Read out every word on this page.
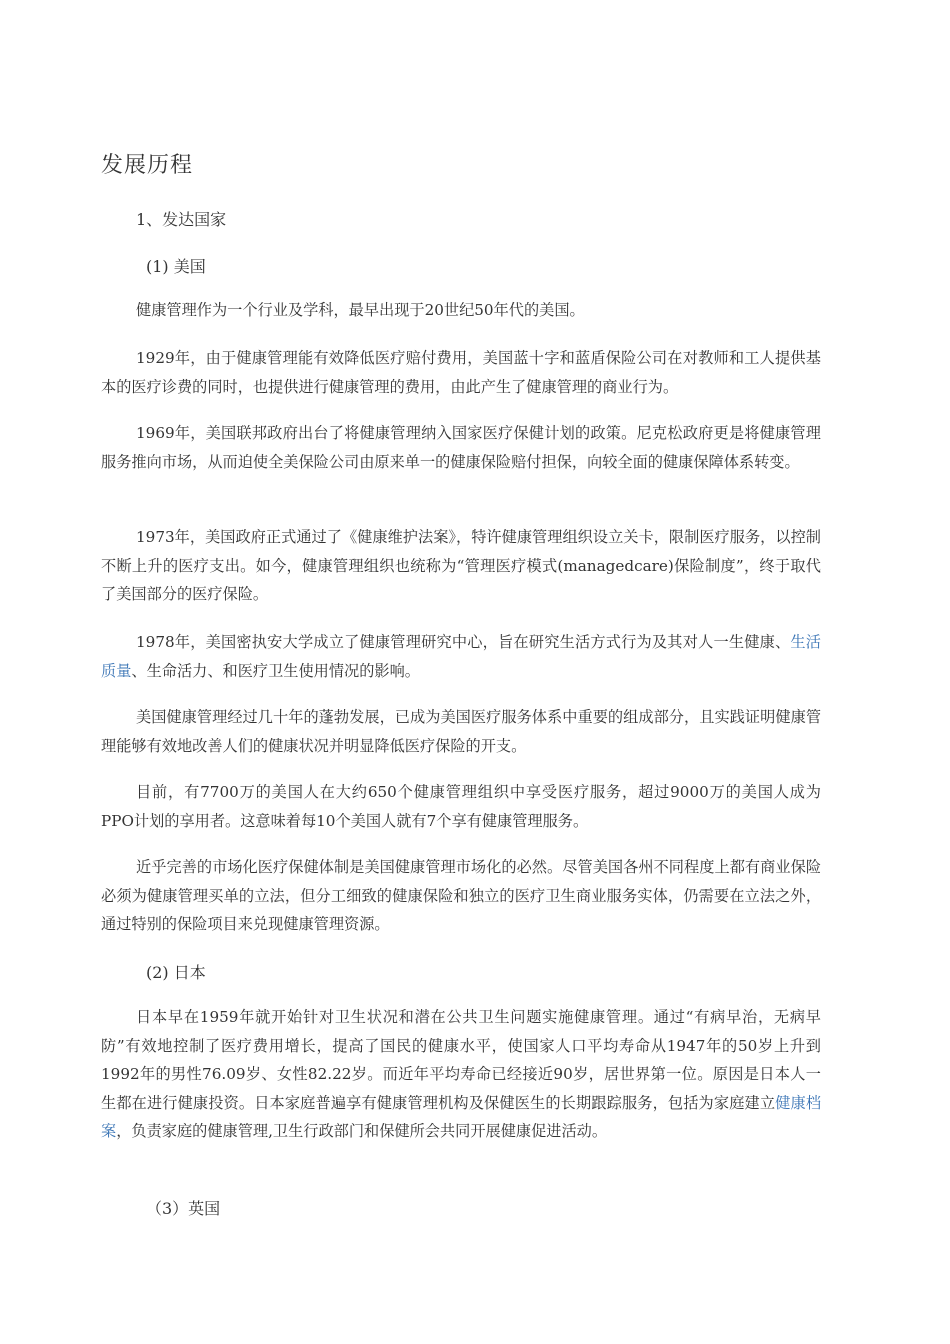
发展历程
1、发达国家
(1) 美国

健康管理作为一个行业及学科，最早出现于20世纪50年代的美国。

1929年，由于健康管理能有效降低医疗赔付费用，美国蓝十字和蓝盾保险公司在对教师和工人提供基本的医疗诊费的同时，也提供进行健康管理的费用，由此产生了健康管理的商业行为。

1969年，美国联邦政府出台了将健康管理纳入国家医疗保健计划的政策。尼克松政府更是将健康管理服务推向市场，从而迫使全美保险公司由原来单一的健康保险赔付担保，向较全面的健康保障体系转变。

1973年，美国政府正式通过了《健康维护法案》，特许健康管理组织设立关卡，限制医疗服务，以控制不断上升的医疗支出。如今，健康管理组织也统称为“管理医疗模式(managedcare)保险制度”，终于取代了美国部分的医疗保险。

1978年，美国密执安大学成立了健康管理研究中心，旨在研究生活方式行为及其对人一生健康、生活质量、生命活力、和医疗卫生使用情况的影响。

美国健康管理经过几十年的蓬勃发展，已成为美国医疗服务体系中重要的组成部分，且实践证明健康管理能够有效地改善人们的健康状况并明显降低医疗保险的开支。

目前，有7700万的美国人在大约650个健康管理组织中享受医疗服务，超过9000万的美国人成为PPO计划的享用者。这意味着每10个美国人就有7个享有健康管理服务。

近乎完善的市场化医疗保健体制是美国健康管理市场化的必然。尽管美国各州不同程度上都有商业保险必须为健康管理买单的立法，但分工细致的健康保险和独立的医疗卫生商业服务实体，仍需要在立法之外，通过特别的保险项目来兑现健康管理资源。

(2) 日本

日本早在1959年就开始针对卫生状况和潜在公共卫生问题实施健康管理。通过“有病早治，无病早防”有效地控制了医疗费用增长，提高了国民的健康水平，使国家人口平均寿命从1947年的50岁上升到1992年的男性76.09岁、女性82.22岁。而近年平均寿命已经接近90岁，居世界第一位。原因是日本人一生都在进行健康投资。日本家庭普遍享有健康管理机构及保健医生的长期跟踪服务，包括为家庭建立健康档案，负责家庭的健康管理,卫生行政部门和保健所会共同开展健康促进活动。

（3）英国
